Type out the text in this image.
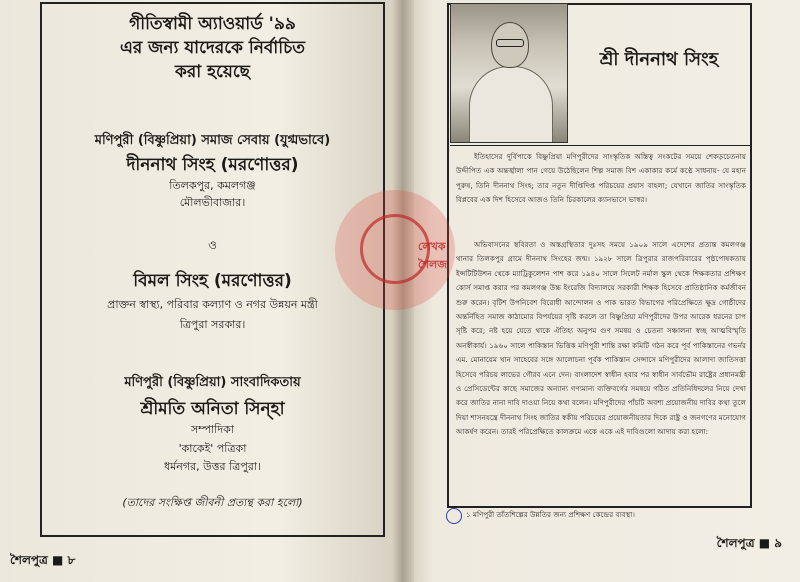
গীতিস্বামী অ্যাওয়ার্ড '৯৯
এর জন্য যাদেরকে নির্বাচিত
করা হয়েছে
মণিপুরী (বিষ্ণুপ্রিয়া) সমাজ সেবায় (যুগ্মভাবে)
দীননাথ সিংহ (মরণোত্তর)
তিলকপুর, কমলগঞ্জ
মৌলভীবাজার।
ও
বিমল সিংহ (মরণোত্তর)
প্রাক্তন স্বাস্থ্য, পরিবার কল্যাণ ও নগর উন্নয়ন মন্ত্রী
ত্রিপুরা সরকার।
মণিপুরী (বিষ্ণুপ্রিয়া) সাংবাদিকতায়
শ্রীমতি অনিতা সিন্হা
সম্পাদিকা
'কাকেই' পত্রিকা
ধর্মনগর, উত্তর ত্রিপুরা।
(তাদের সংক্ষিপ্ত জীবনী প্রত্যন্থ করা হলো)
শৈলপুত্র ■ ৮
শ্রী দীননাথ সিংহ
ইতিহাসের দুর্বিপাকে বিষ্ণুপ্রিয়া মণিপুরীদের সাংস্কৃতিক অস্তিত্ব সংকটের সময়ে শেকড়চেতনায় উদ্দীপিত এক অন্তর্জ্বালা পান গেয়ে উঠেছিলেন শিল্প সমাজ বিশ একাকার কর্মে কণ্ঠে সাধনায়- যে মহান পুরুষ, তিনি দীননাথ সিংহ; তার নতুন দীপ্তিদিপ্ত পরিচয়ের প্রয়াস বাহলা; যেখানে জাতির সাংস্কৃতিক বিপ্লবের এক দিশ হিসেবে আজও তিনি চিরকালের ক্যানভাসে ভাস্বর।
অভিবাসনের স্থবিরতা ও অস্তগ্রস্থিতার দুঃসহ সময়ে ১৯০৯ সালে এদেশের প্রত্যন্ত কমলগঞ্জ থানার তিলকপুর গ্রামে দীননাথ সিংহের জন্ম। ১৯২৮ সালে ত্রিপুরার রাজপরিবারের পৃষ্ঠপোষকতায় ইন্সটিটিউশন থেকে ম্যাট্রিকুলেশন পাশ করে ১৯৪০ সালে সিলেট নর্মাল স্কুল থেকে শিক্ষকতার প্রশিক্ষণ কোর্স সমাপ্ত করার পর কমলগঞ্জ উচ্চ ইংরেজি বিদ্যালয়ে সরকারী শিক্ষক হিসেবে প্রাতিষ্ঠানিক কর্মজীবন শুরু করেন। বৃটিশ উপনিবেশ বিরোধী আন্দোলন ও পাক ভারত বিভাগের পরিপ্রেক্ষিতে ক্ষুদ্র গোষ্ঠীদের অন্তর্নিহিত সমাজ কাঠামোর বিপর্যয়ের সৃষ্টি করলে তা বিষ্ণুপ্রিয়া মণিপুরীদের উপর আরেক ধরনের চাপ সৃষ্টি করে; নষ্ট হয়ে যেতে থাকে ঐতিহ্য অনুপম গুণ সমন্বয় ও চেতনা সঞ্চালনা স্বচ্ছ আত্মবিস্মৃতি অনস্বীকার্য। ১৯৬০ সালে পাকিস্তান ভিত্তিক মণিপুরী শান্তি রক্ষা কমিটি গঠন করে পূর্ব পাকিস্তানের গভর্নর এম. মোনায়েম খান সাহেবের সঙ্গে আলোচনা পূর্বক পাকিস্তান সেন্সাসে মণিপুরীদের আলাদা জাতিসত্তা হিসেবে পরিচয় লাভের গৌরব এনে দেন। বাংলাদেশ স্বাধীন হবার পর স্বাধীন সার্বভৌম রাষ্ট্রের প্রধানমন্ত্রী ও প্রেসিডেন্টের কাছে সমাজের অন্যান্য গণ্যমান্য ব্যক্তিবর্গের সমন্বয়ে গঠিত প্রতিনিধিদলের নিয়ে দেখা করে জাতির নানা দাবি দাওয়া নিয়ে কথা বলেন। মণিপুরীদের পাঁচটি অবশ্য প্রয়োজনীয় দাবির কথা তুলে দিয়া শাসনযন্ত্রে দীননাথ সিংহ জাতির স্বকীয় পরিচয়ের প্রয়োজনীয়তার দিকে রাষ্ট্র ও জনগণের মনোযোগ আকর্ষণ করেন। তারই পরিপ্রেক্ষিতে কালক্রমে একে একে এই দাবিগুলো আদায় করা হলো:
১ মণিপুরী তাঁতশিল্পের উন্নতির জন্য প্রশিক্ষণ কেন্দ্রের ব্যবস্থা।
শৈলপুত্র ■ ৯
লেখক
শৈলজ
